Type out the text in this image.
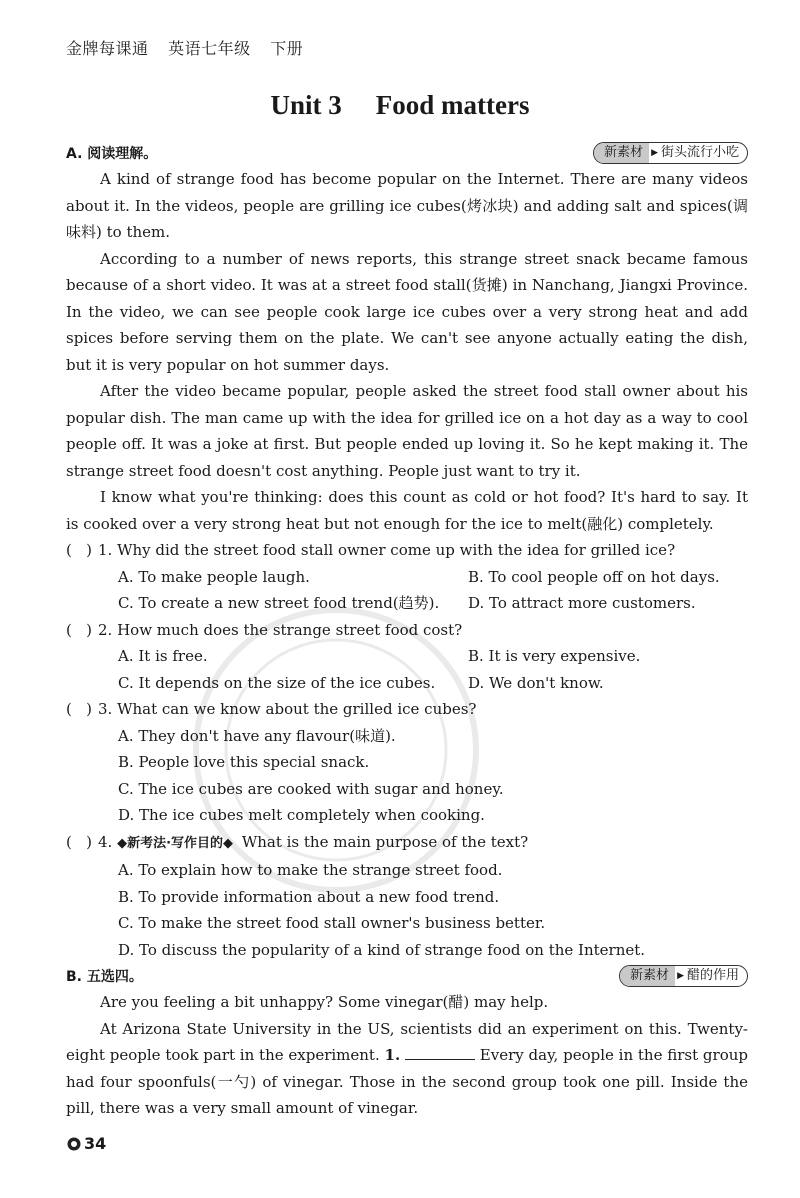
金牌每课通 英语七年级 下册
Unit 3 Food matters
A. 阅读理解。	新素材 ▶ 街头流行小吃

A kind of strange food has become popular on the Internet. There are many videos about it. In the videos, people are grilling ice cubes(烤冰块) and adding salt and spices(调味料) to them.

According to a number of news reports, this strange street snack became famous because of a short video. It was at a street food stall(货摊) in Nanchang, Jiangxi Province. In the video, we can see people cook large ice cubes over a very strong heat and add spices before serving them on the plate. We can't see anyone actually eating the dish, but it is very popular on hot summer days.

After the video became popular, people asked the street food stall owner about his popular dish. The man came up with the idea for grilled ice on a hot day as a way to cool people off. It was a joke at first. But people ended up loving it. So he kept making it. The strange street food doesn't cost anything. People just want to try it.

I know what you're thinking: does this count as cold or hot food? It's hard to say. It is cooked over a very strong heat but not enough for the ice to melt(融化) completely.

(   ) 1. Why did the street food stall owner come up with the idea for grilled ice?
A. To make people laugh.	B. To cool people off on hot days.
C. To create a new street food trend(趋势).	D. To attract more customers.
(   ) 2. How much does the strange street food cost?
A. It is free.	B. It is very expensive.
C. It depends on the size of the ice cubes.	D. We don't know.
(   ) 3. What can we know about the grilled ice cubes?
A. They don't have any flavour(味道).
B. People love this special snack.
C. The ice cubes are cooked with sugar and honey.
D. The ice cubes melt completely when cooking.
(   ) 4. ◆新考法·写作目的◆ What is the main purpose of the text?
A. To explain how to make the strange street food.
B. To provide information about a new food trend.
C. To make the street food stall owner's business better.
D. To discuss the popularity of a kind of strange food on the Internet.
B. 五选四。	新素材 ▶ 醋的作用

Are you feeling a bit unhappy? Some vinegar(醋) may help.

At Arizona State University in the US, scientists did an experiment on this. Twenty-eight people took part in the experiment. 1.	Every day, people in the first group had four spoonfuls(一勺) of vinegar. Those in the second group took one pill. Inside the pill, there was a very small amount of vinegar.

34
